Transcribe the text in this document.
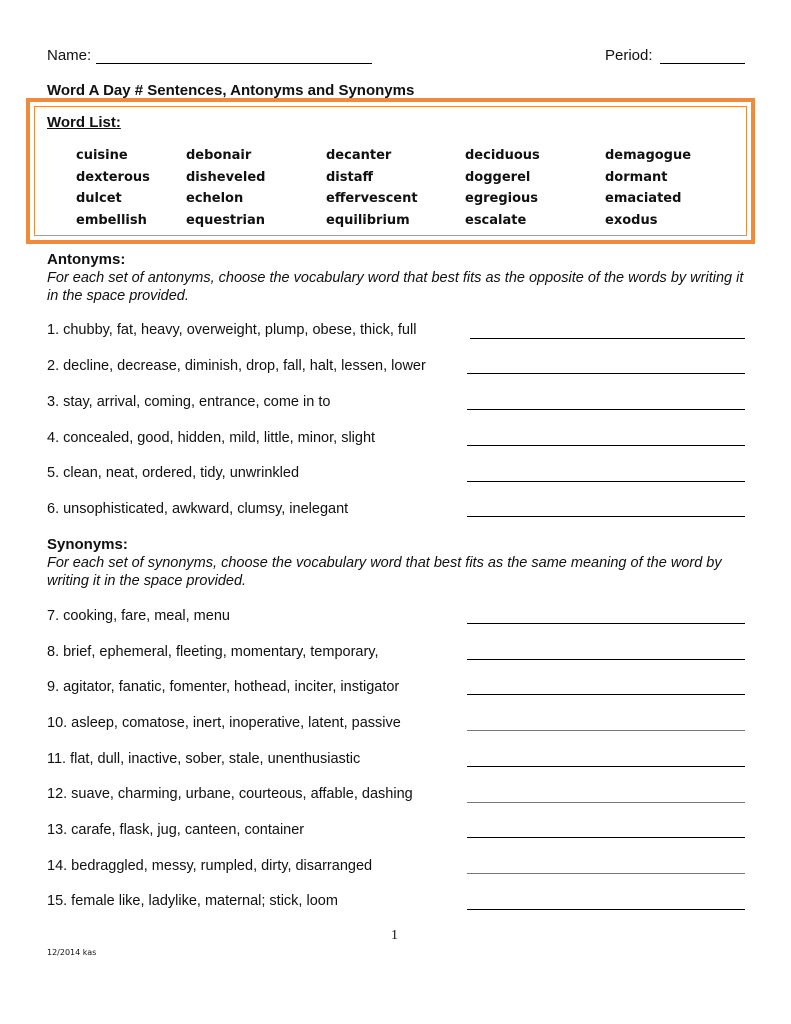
Name:	Period:
Word A Day # Sentences, Antonyms and Synonyms
Word List:
cuisine
dexterous
dulcet
embellish
debonair
disheveled
echelon
equestrian
decanter
distaff
effervescent
equilibrium
deciduous
doggerel
egregious
escalate
demagogue
dormant
emaciated
exodus
Antonyms:
For each set of antonyms, choose the vocabulary word that best fits as the opposite of the words by writing it in the space provided.
1. chubby, fat, heavy, overweight, plump, obese, thick, full
2. decline, decrease, diminish, drop, fall, halt, lessen, lower
3. stay, arrival, coming, entrance, come in to
4. concealed, good, hidden, mild, little, minor, slight
5. clean, neat, ordered, tidy, unwrinkled
6. unsophisticated, awkward, clumsy, inelegant
Synonyms:
For each set of synonyms, choose the vocabulary word that best fits as the same meaning of the word by writing it in the space provided.
7. cooking, fare, meal, menu
8. brief, ephemeral, fleeting, momentary, temporary,
9. agitator, fanatic, fomenter, hothead, inciter, instigator
10. asleep, comatose, inert, inoperative, latent, passive
11. flat, dull, inactive, sober, stale, unenthusiastic
12. suave, charming, urbane, courteous, affable, dashing
13. carafe, flask, jug, canteen, container
14. bedraggled, messy, rumpled, dirty, disarranged
15. female like, ladylike, maternal; stick, loom
1
12/2014 kas
